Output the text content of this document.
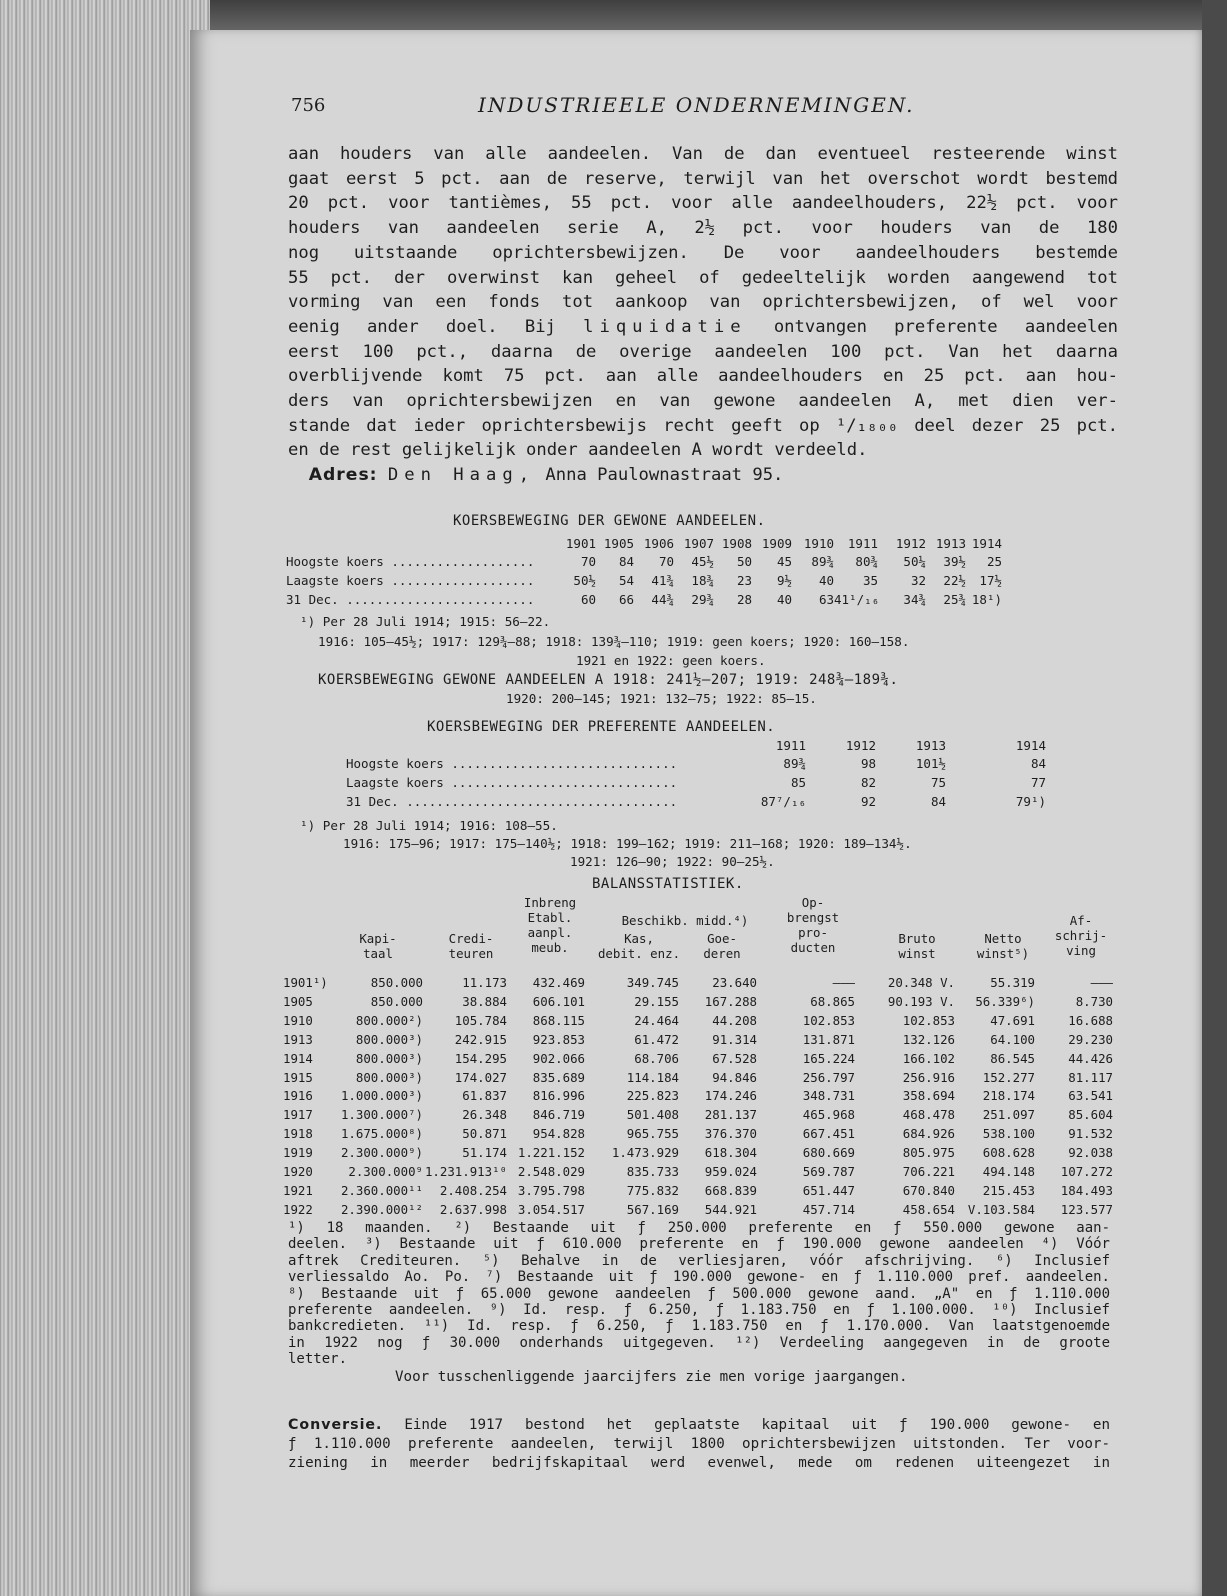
756	INDUSTRIEELE ONDERNEMINGEN.
aan houders van alle aandeelen. Van de dan eventueel resteerende winst
gaat eerst 5 pct. aan de reserve, terwijl van het overschot wordt bestemd
20 pct. voor tantièmes, 55 pct. voor alle aandeelhouders, 22½ pct. voor
houders van aandeelen serie A, 2½ pct. voor houders van de 180
nog uitstaande oprichtersbewijzen. De voor aandeelhouders bestemde
55 pct. der overwinst kan geheel of gedeeltelijk worden aangewend tot
vorming van een fonds tot aankoop van oprichtersbewijzen, of wel voor
eenig ander doel. Bij liquidatie ontvangen preferente aandeelen
eerst 100 pct., daarna de overige aandeelen 100 pct. Van het daarna
overblijvende komt 75 pct. aan alle aandeelhouders en 25 pct. aan hou-
ders van oprichtersbewijzen en van gewone aandeelen A, met dien ver-
stande dat ieder oprichtersbewijs recht geeft op ¹/₁₈₀₀ deel dezer 25 pct.
en de rest gelijkelijk onder aandeelen A wordt verdeeld.
Adres: Den Haag, Anna Paulownastraat 95.
KOERSBEWEGING DER GEWONE AANDEELEN.
1901 1905 1906 1907 1908 1909 1910	1911	1912 1913 1914
Hoogste koers ...................	70	84	70	45½	50	45	89¾	80¾	50¼	39½	25
Laagste koers ...................	50½	54	41¾	18¾	23	9½	40	35	32	22½	17½
31 Dec. .........................	60	66	44¾	29¾	28	40	63 41¹/₁₆	34¾	25¾ 18¹)
¹) Per 28 Juli 1914; 1915: 56—22.
1916: 105—45½; 1917: 129¾—88; 1918: 139¾—110; 1919: geen koers; 1920: 160—158.
1921 en 1922: geen koers.
KOERSBEWEGING GEWONE AANDEELEN A 1918: 241½—207; 1919: 248¾—189¾.
1920: 200—145; 1921: 132—75; 1922: 85—15.
KOERSBEWEGING DER PREFERENTE AANDEELEN.
1911	1912	1913	1914
Hoogste koers ..............................	89¾	98	101½	84
Laagste koers ..............................	85	82	75	77
31 Dec. ....................................	87⁷/₁₆	92	84	79¹)
¹) Per 28 Juli 1914; 1916: 108—55.
1916: 175—96; 1917: 175—140½; 1918: 199—162; 1919: 211—168; 1920: 189—134½.
1921: 126—90; 1922: 90—25½.
BALANSSTATISTIEK.
Kapi-
taal
Credi-
teuren
Inbreng
Etabl.
aanpl.
meub.
Beschikb. midd.⁴)
Kas,
debit. enz.
Goe-
deren
Op-
brengst
pro-
ducten
Bruto
winst
Netto
winst⁵)
Af-
schrij-
ving
1901¹)	850.000	11.173	432.469	349.745	23.640	———	20.348 V.	55.319	———
1905	850.000	38.884	606.101	29.155	167.288	68.865	90.193 V.	56.339⁶)	8.730
1910	800.000²)	105.784	868.115	24.464	44.208	102.853	102.853	47.691	16.688
1913	800.000³)	242.915	923.853	61.472	91.314	131.871	132.126	64.100	29.230
1914	800.000³)	154.295	902.066	68.706	67.528	165.224	166.102	86.545	44.426
1915	800.000³)	174.027	835.689	114.184	94.846	256.797	256.916	152.277	81.117
1916	1.000.000³)	61.837	816.996	225.823	174.246	348.731	358.694	218.174	63.541
1917	1.300.000⁷)	26.348	846.719	501.408	281.137	465.968	468.478	251.097	85.604
1918	1.675.000⁸)	50.871	954.828	965.755	376.370	667.451	684.926	538.100	91.532
1919	2.300.000⁹)	51.174 1.221.152	1.473.929	618.304	680.669	805.975	608.628	92.038
1920	2.300.000⁹ 1.231.913¹⁰ 2.548.029	835.733	959.024	569.787	706.221	494.148	107.272
1921	2.360.000¹¹	2.408.254 3.795.798	775.832	668.839	651.447	670.840	215.453	184.493
1922	2.390.000¹²	2.637.998 3.054.517	567.169	544.921	457.714	458.654	V.103.584	123.577
¹) 18 maanden. ²) Bestaande uit ƒ 250.000 preferente en ƒ 550.000 gewone aan-
deelen. ³) Bestaande uit ƒ 610.000 preferente en ƒ 190.000 gewone aandeelen ⁴) Vóór
aftrek Crediteuren. ⁵) Behalve in de verliesjaren, vóór afschrijving. ⁶) Inclusief
verliessaldo Ao. Po. ⁷) Bestaande uit ƒ 190.000 gewone- en ƒ 1.110.000 pref. aandeelen.
⁸) Bestaande uit ƒ 65.000 gewone aandeelen ƒ 500.000 gewone aand. „A" en ƒ 1.110.000
preferente aandeelen. ⁹) Id. resp. ƒ 6.250, ƒ 1.183.750 en ƒ 1.100.000. ¹⁰) Inclusief
bankcredieten. ¹¹) Id. resp. ƒ 6.250, ƒ 1.183.750 en ƒ 1.170.000. Van laatstgenoemde
in 1922 nog ƒ 30.000 onderhands uitgegeven. ¹²) Verdeeling aangegeven in de groote
letter.
Voor tusschenliggende jaarcijfers zie men vorige jaargangen.
Conversie. Einde 1917 bestond het geplaatste kapitaal uit ƒ 190.000 gewone- en
ƒ 1.110.000 preferente aandeelen, terwijl 1800 oprichtersbewijzen uitstonden. Ter voor-
ziening in meerder bedrijfskapitaal werd evenwel, mede om redenen uiteengezet in
